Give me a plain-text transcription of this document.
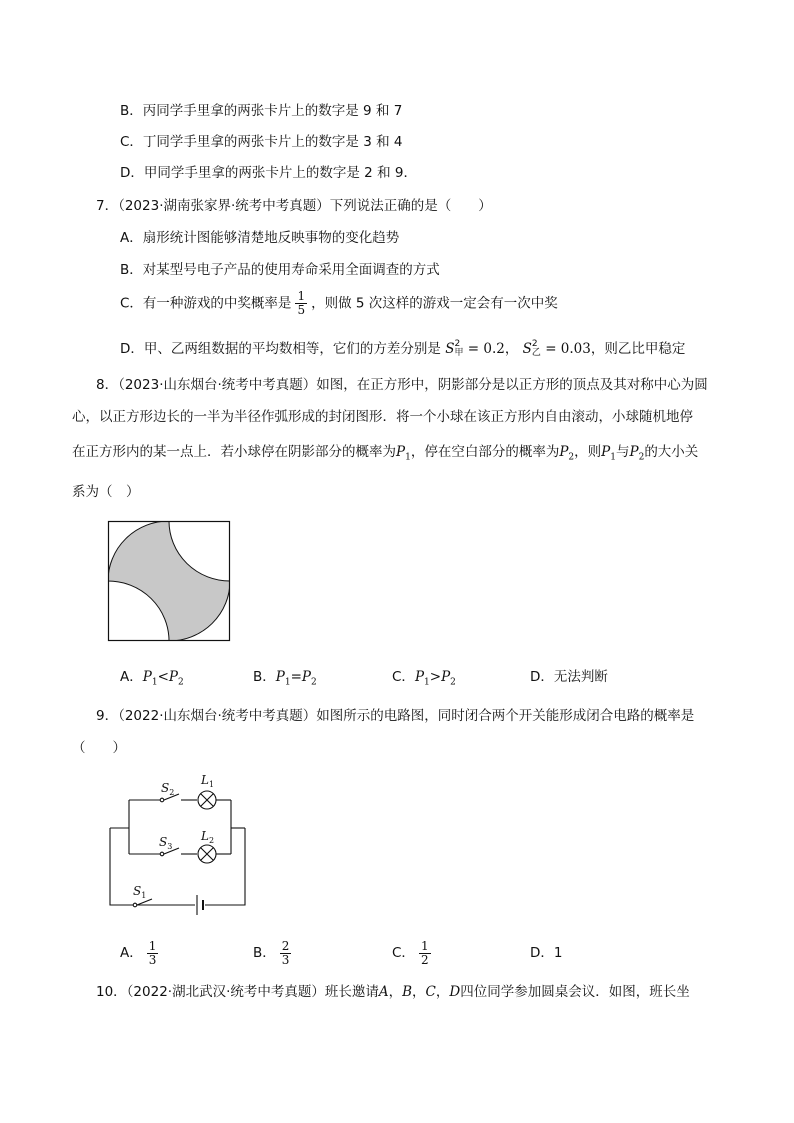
B．丙同学手里拿的两张卡片上的数字是 9 和 7
C．丁同学手里拿的两张卡片上的数字是 3 和 4
D．甲同学手里拿的两张卡片上的数字是 2 和 9．
7．（2023·湖南张家界·统考中考真题）下列说法正确的是（　　）
A．扇形统计图能够清楚地反映事物的变化趋势
B．对某型号电子产品的使用寿命采用全面调查的方式
C．有一种游戏的中奖概率是 $\frac{1}{5}$ ，则做 5 次这样的游戏一定会有一次中奖
D．甲、乙两组数据的平均数相等，它们的方差分别是 S 2
甲 = 0.2， S 2
乙 = 0.03，则乙比甲稳定
8．（2023·山东烟台·统考中考真题）如图，在正方形中，阴影部分是以正方形的顶点及其对称中心为圆
心，以正方形边长的一半为半径作弧形成的封闭图形．将一个小球在该正方形内自由滚动，小球随机地停
在正方形内的某一点上．若小球停在阴影部分的概率为$P_1$，停在空白部分的概率为$P_2$，则$P_1$与$P_2$的大小关
系为（　）
A．$P_1<P_2$	B．$P_1=P_2$	C．$P_1>P_2$	D．无法判断
9．（2022·山东烟台·统考中考真题）如图所示的电路图，同时闭合两个开关能形成闭合电路的概率是
（　　）
$S_2$
$L_1$
$S_3$
$L_2$
$S_1$
A． $\frac{1}{3}$	B． $\frac{2}{3}$	C． $\frac{1}{2}$	D．1
10．（2022·湖北武汉·统考中考真题）班长邀请A，B，C，D四位同学参加圆桌会议．如图，班长坐
